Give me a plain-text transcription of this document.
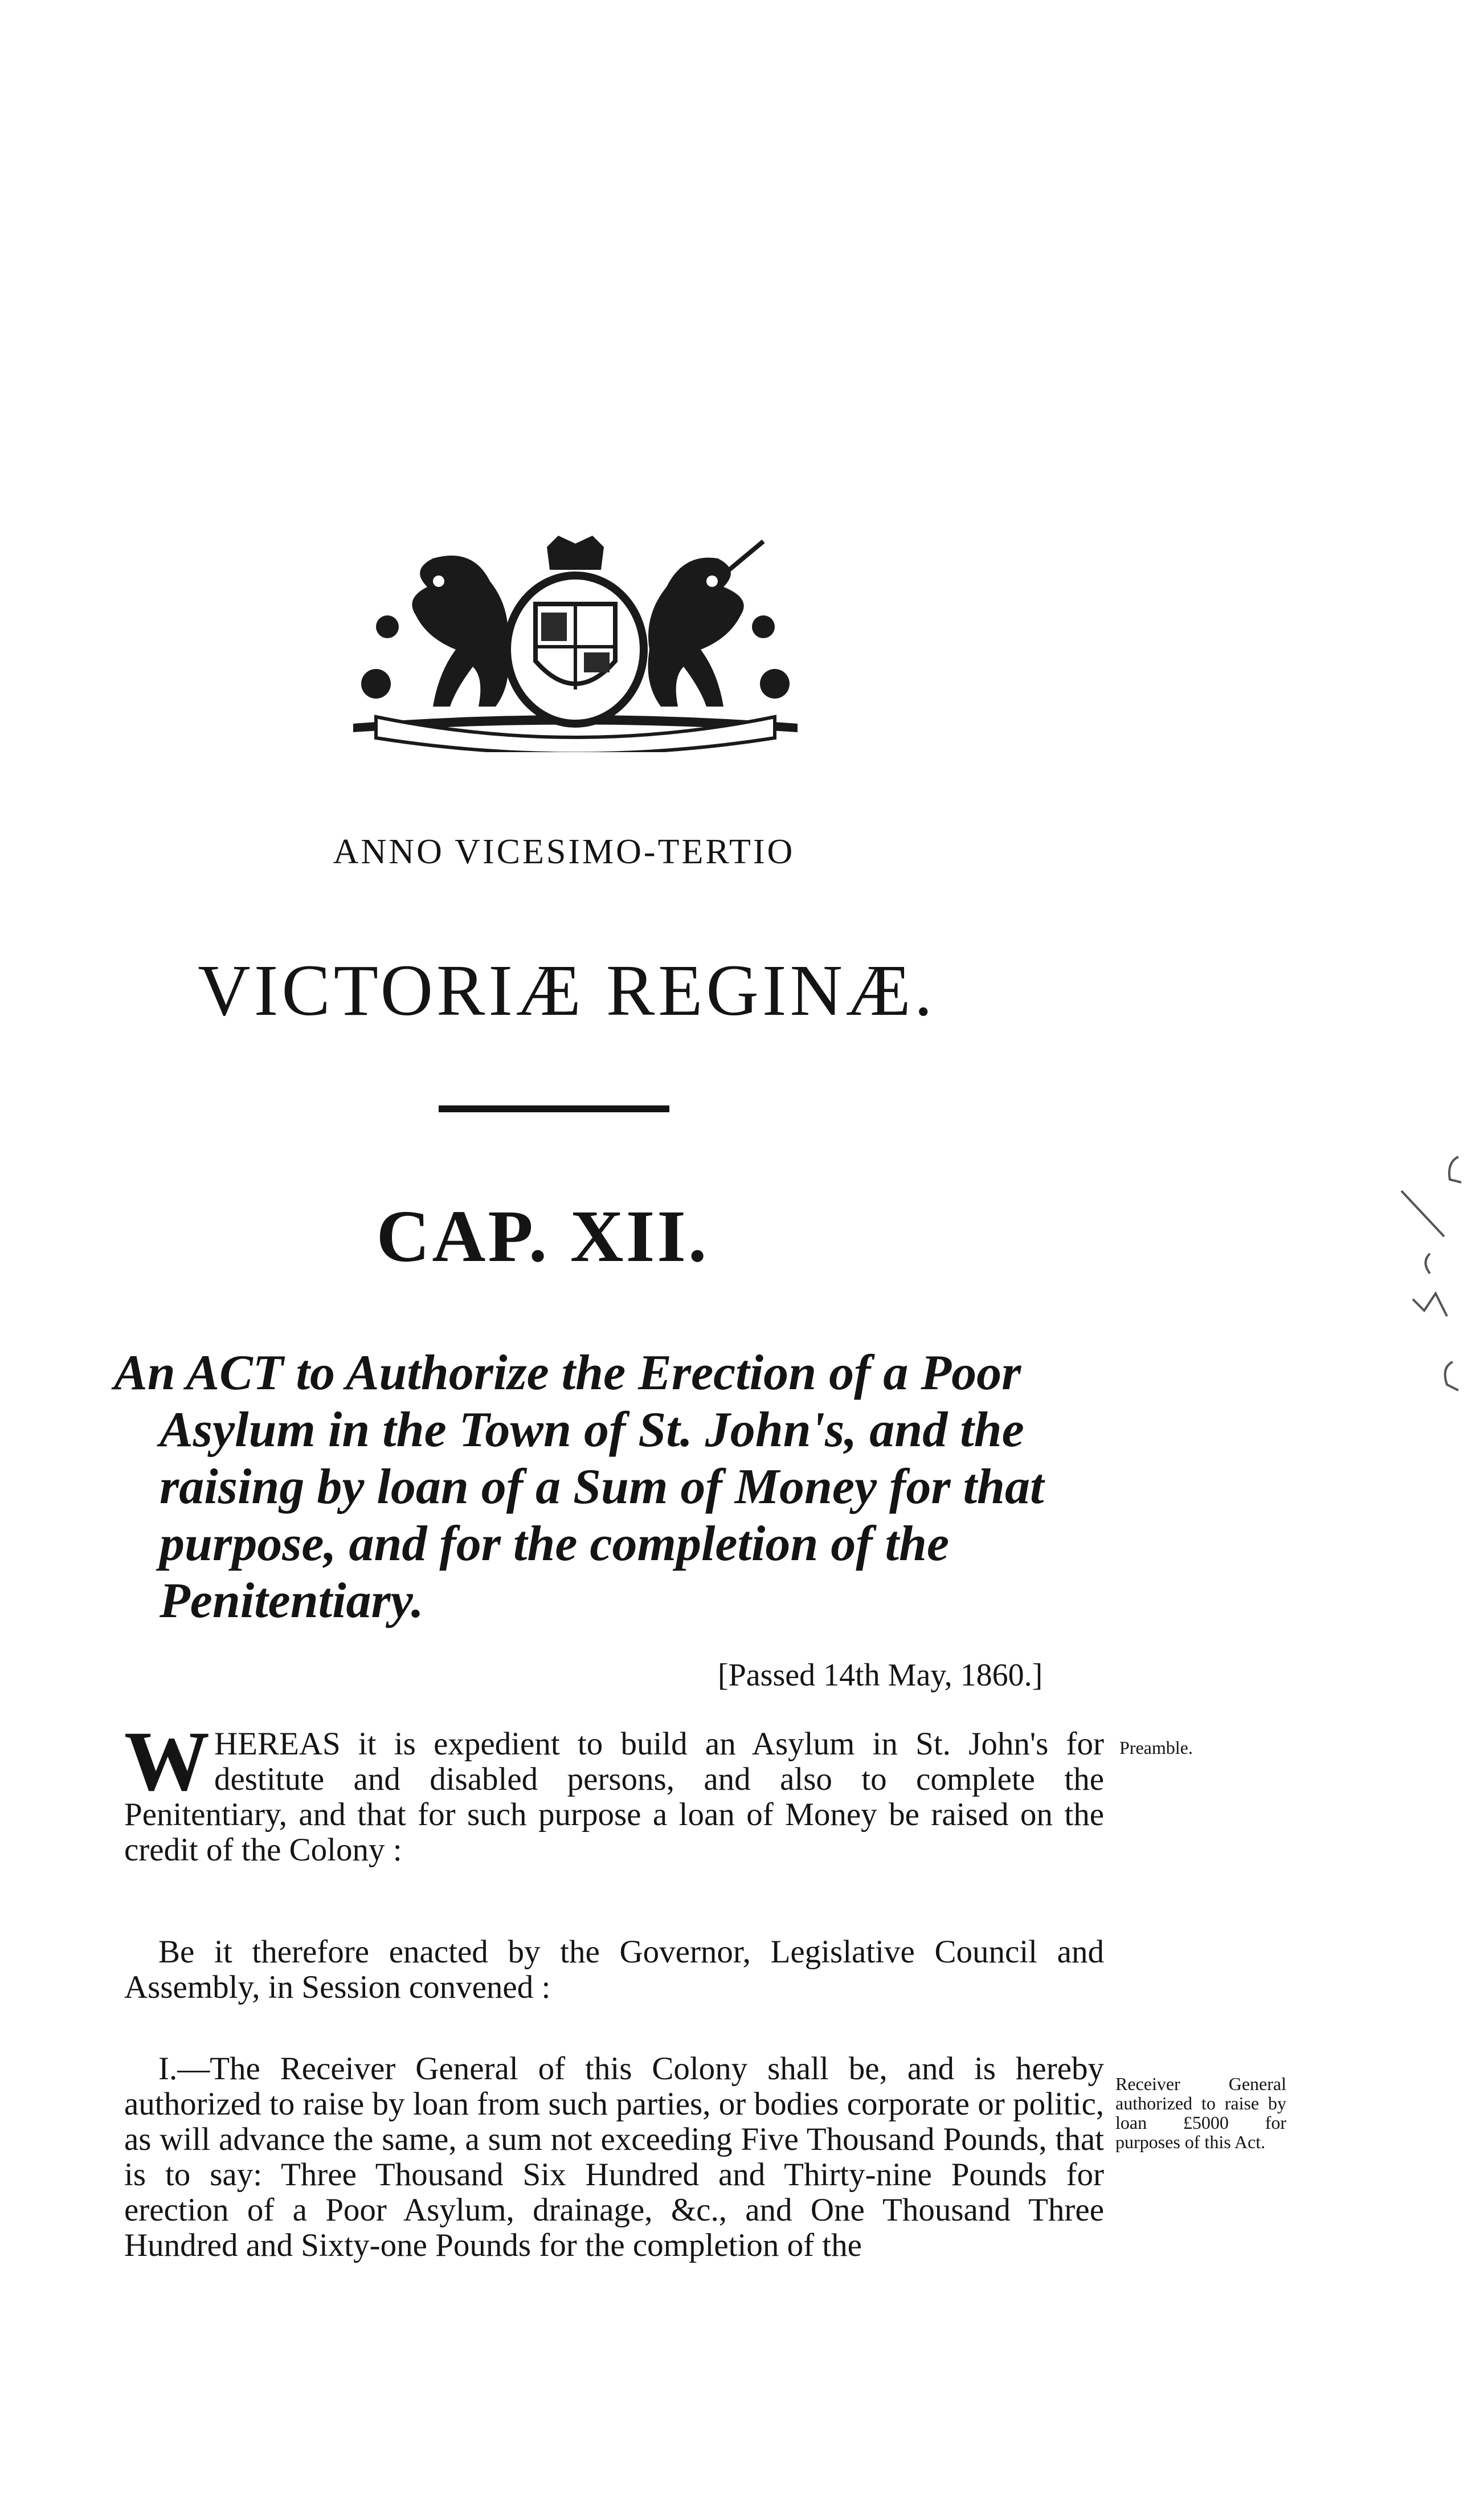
ANNO VICESIMO-TERTIO
VICTORIÆ REGINÆ.
CAP. XII.
An ACT to Authorize the Erection of a Poor Asylum in the Town of St. John's, and the raising by loan of a Sum of Money for that purpose, and for the completion of the Penitentiary.
[Passed 14th May, 1860.]
WHEREAS it is expedient to build an Asylum in St. John's for destitute and disabled persons, and also to complete the Penitentiary, and that for such purpose a loan of Money be raised on the credit of the Colony :
Preamble.
Be it therefore enacted by the Governor, Legislative Council and Assembly, in Session convened :
I.—The Receiver General of this Colony shall be, and is hereby authorized to raise by loan from such parties, or bodies corporate or politic, as will advance the same, a sum not exceeding Five Thousand Pounds, that is to say: Three Thousand Six Hundred and Thirty-nine Pounds for erection of a Poor Asylum, drainage, &c., and One Thousand Three Hundred and Sixty-one Pounds for the completion of the
Receiver General authorized to raise by loan £5000 for purposes of this Act.
